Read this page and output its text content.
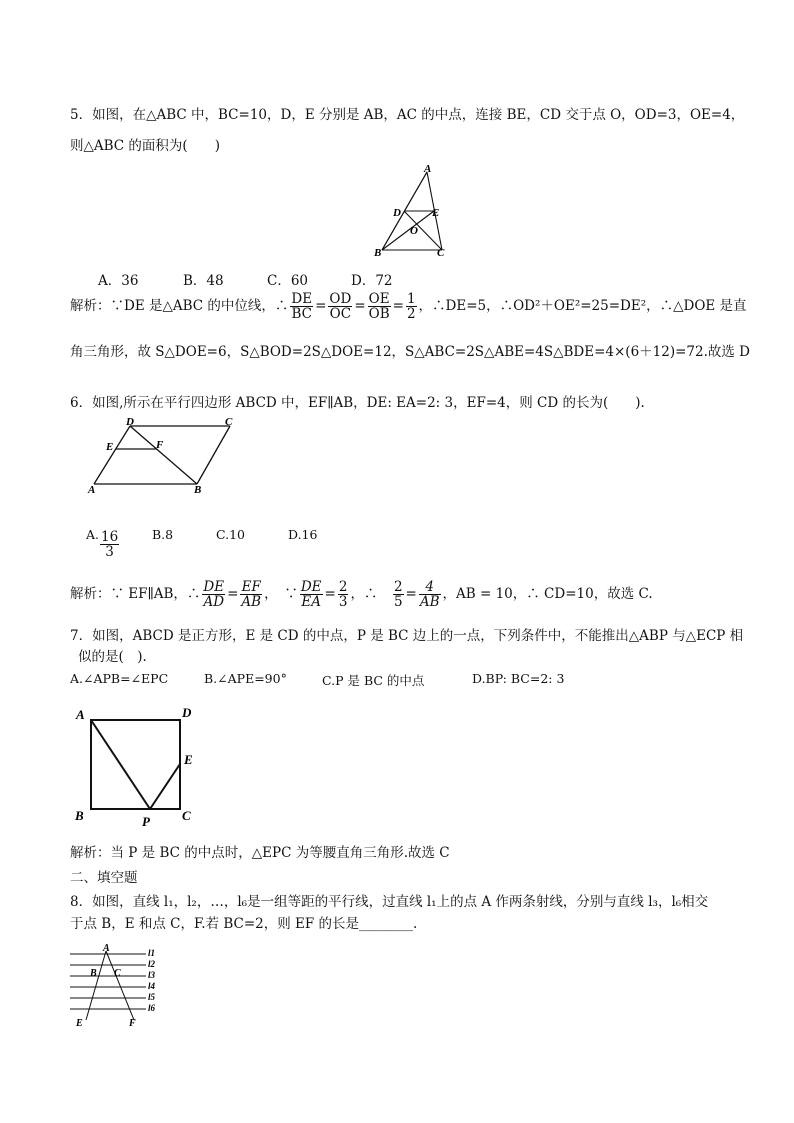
5．如图，在△ABC 中，BC=10，D，E 分别是 AB，AC 的中点，连接 BE，CD 交于点 O，OD=3，OE=4，
则△ABC 的面积为(　　)
A
D	E
O
B	C
A．36	B．48	C．60	D．72
解析：∵DE 是△ABC 的中位线，∴ $\frac{DE}{BC} = \frac{OD}{OC} = \frac{OE}{OB} = \frac{1}{2}$ ，∴DE=5，∴OD²＋OE²=25=DE²，∴△DOE 是直
角三角形，故 S△DOE=6，S△BOD=2S△DOE=12，S△ABC=2S△ABE=4S△BDE=4×(6＋12)=72.故选 D
6．如图,所示在平行四边形 ABCD 中，EF∥AB，DE: EA=2: 3，EF=4，则 CD 的长为(　　).
D	C
E	F
A	B
A. $\frac{16}{3}$	B.8	C.10	D.16
解析：∵ EF∥AB，∴ $\frac{DE}{AD} = \frac{EF}{AB}$ ，　∵ $\frac{DE}{EA} = \frac{2}{3}$ ，∴　 $\frac{2}{5} = \frac{4}{AB}$ ，AB = 10，∴ CD=10，故选 C.
7．如图，ABCD 是正方形，E 是 CD 的中点，P 是 BC 边上的一点，下列条件中，不能推出△ABP 与△ECP 相
似的是(　).
A.∠APB=∠EPC	B.∠APE=90°	C.P 是 BC 的中点	D.BP: BC=2: 3
A	D
E
B	P C
解析：当 P 是 BC 的中点时，△EPC 为等腰直角三角形.故选 C
二、填空题
8．如图，直线 l₁，l₂，…，l₆是一组等距的平行线，过直线 l₁上的点 A 作两条射线，分别与直线 l₃，l₆相交
于点 B，E 和点 C，F.若 BC=2，则 EF 的长是________.
A
B C
E	F
l1
l2
l3
l4
l5
l6
